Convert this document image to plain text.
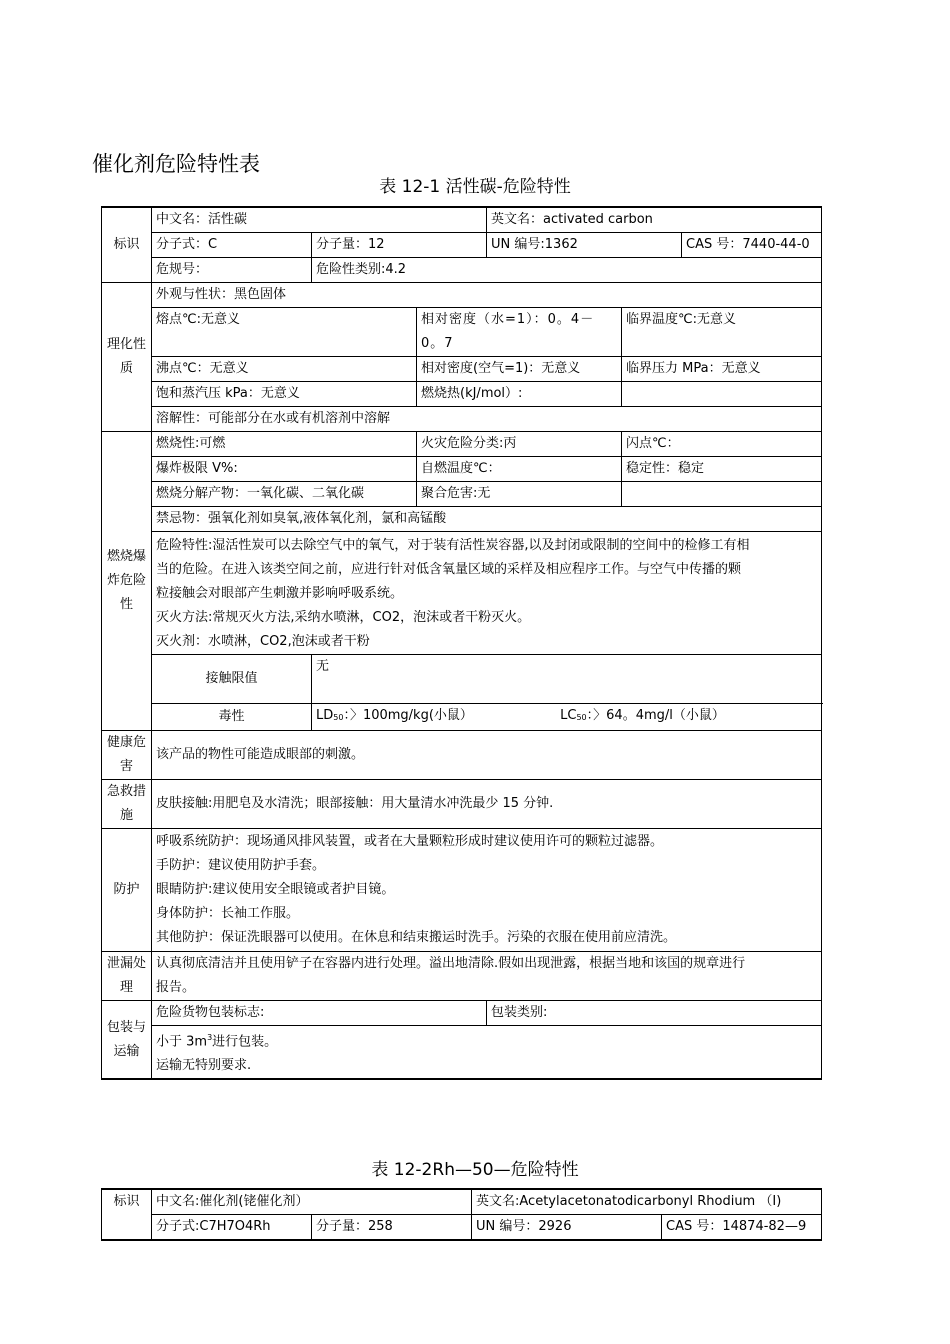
催化剂危险特性表
表 12-1 活性碳-危险特性
标识	中文名：活性碳			英文名：activated carbon		
	分子式：C	分子量：12		UN 编号:1362		CAS 号：7440-44-0
	危规号：	危险性类别:4.2				
理化性质	外观与性状：黑色固体					
	熔点℃:无意义		相对密度（水=1）：0。4－0。7		临界温度℃:无意义	

	沸点℃：无意义		相对密度(空气=1)：无意义		临界压力 MPa：无意义	
	饱和蒸汽压 kPa：无意义		燃烧热(kJ/mol）:			
	溶解性：可能部分在水或有机溶剂中溶解					
燃烧爆炸危险性	燃烧性:可燃		火灾危险分类:丙		闪点℃：	
	爆炸极限 V%:		自燃温度℃：		稳定性：稳定	
	燃烧分解产物：一氧化碳、二氧化碳		聚合危害:无			
	禁忌物：强氧化剂如臭氧,液体氧化剂，氯和高锰酸					

	危险特性:湿活性炭可以去除空气中的氧气，对于装有活性炭容器,以及封闭或限制的空间中的检修工有相
当的危险。在进入该类空间之前，应进行针对低含氧量区域的采样及相应程序工作。与空气中传播的颗
粒接触会对眼部产生刺激并影响呼吸系统。
灭火方法:常规灭火方法,采纳水喷淋，CO2，泡沫或者干粉灭火。
灭火剂：水喷淋，CO2,泡沫或者干粉					

	接触限值	无				
	毒性	$LD_{50}$：〉100mg/kg(小鼠） $LC_{50}$：〉64。4mg/l（小鼠）				
健康危害	该产品的物性可能造成眼部的刺激。					
急救措施	皮肤接触:用肥皂及水清洗；眼部接触：用大量清水冲洗最少 15 分钟.					
防护	呼吸系统防护：现场通风排风装置，或者在大量颗粒形成时建议使用许可的颗粒过滤器。
手防护：建议使用防护手套。
眼睛防护:建议使用安全眼镜或者护目镜。
身体防护：长袖工作服。
其他防护：保证洗眼器可以使用。在休息和结束搬运时洗手。污染的衣服在使用前应清洗。					

泄漏处理	认真彻底清洁并且使用铲子在容器内进行处理。溢出地清除.假如出现泄露，根据当地和该国的规章进行
报告。					

包装与运输	危险货物包装标志:			包装类别:		

	小于 $3m^3$进行包装。
运输无特别要求.					
表 12-2Rh—50—危险特性
标识	中文名:催化剂(铑催化剂）		英文名:Acetylacetonatodicarbonyl Rhodium （I)	
	分子式:C7H7O4Rh	分子量：258	UN 编号：2926	CAS 号：14874-82—9
